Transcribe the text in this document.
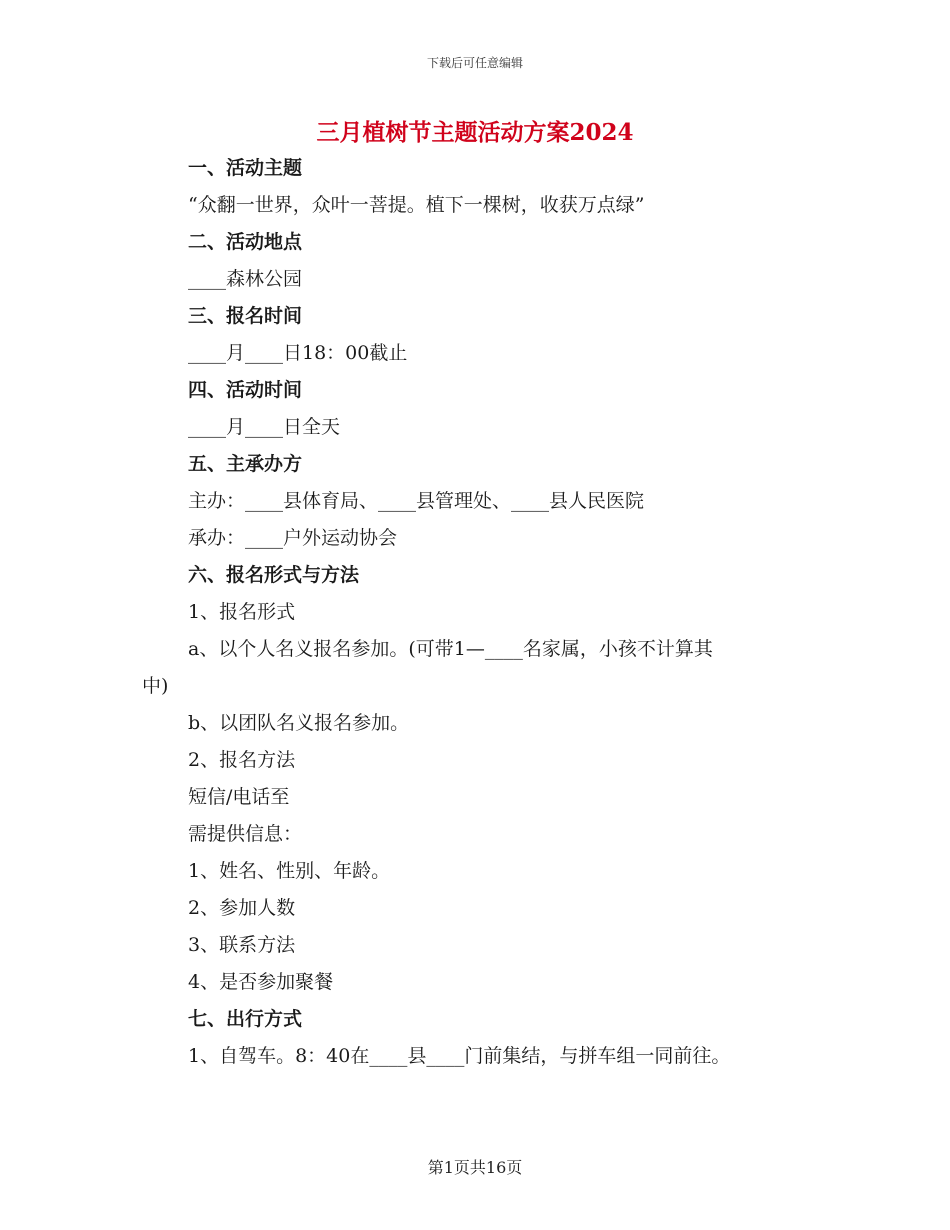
下载后可任意编辑
三月植树节主题活动方案2024
一、活动主题
“众翻一世界，众叶一菩提。植下一棵树，收获万点绿”
二、活动地点
____森林公园
三、报名时间
____月____日18：00截止
四、活动时间
____月____日全天
五、主承办方
主办：____县体育局、____县管理处、____县人民医院
承办：____户外运动协会
六、报名形式与方法
1、报名形式
a、以个人名义报名参加。(可带1—____名家属，小孩不计算其
中)
b、以团队名义报名参加。
2、报名方法
短信/电话至
需提供信息：
1、姓名、性别、年龄。
2、参加人数
3、联系方法
4、是否参加聚餐
七、出行方式
1、自驾车。8：40在____县____门前集结，与拼车组一同前往。
第1页共16页
